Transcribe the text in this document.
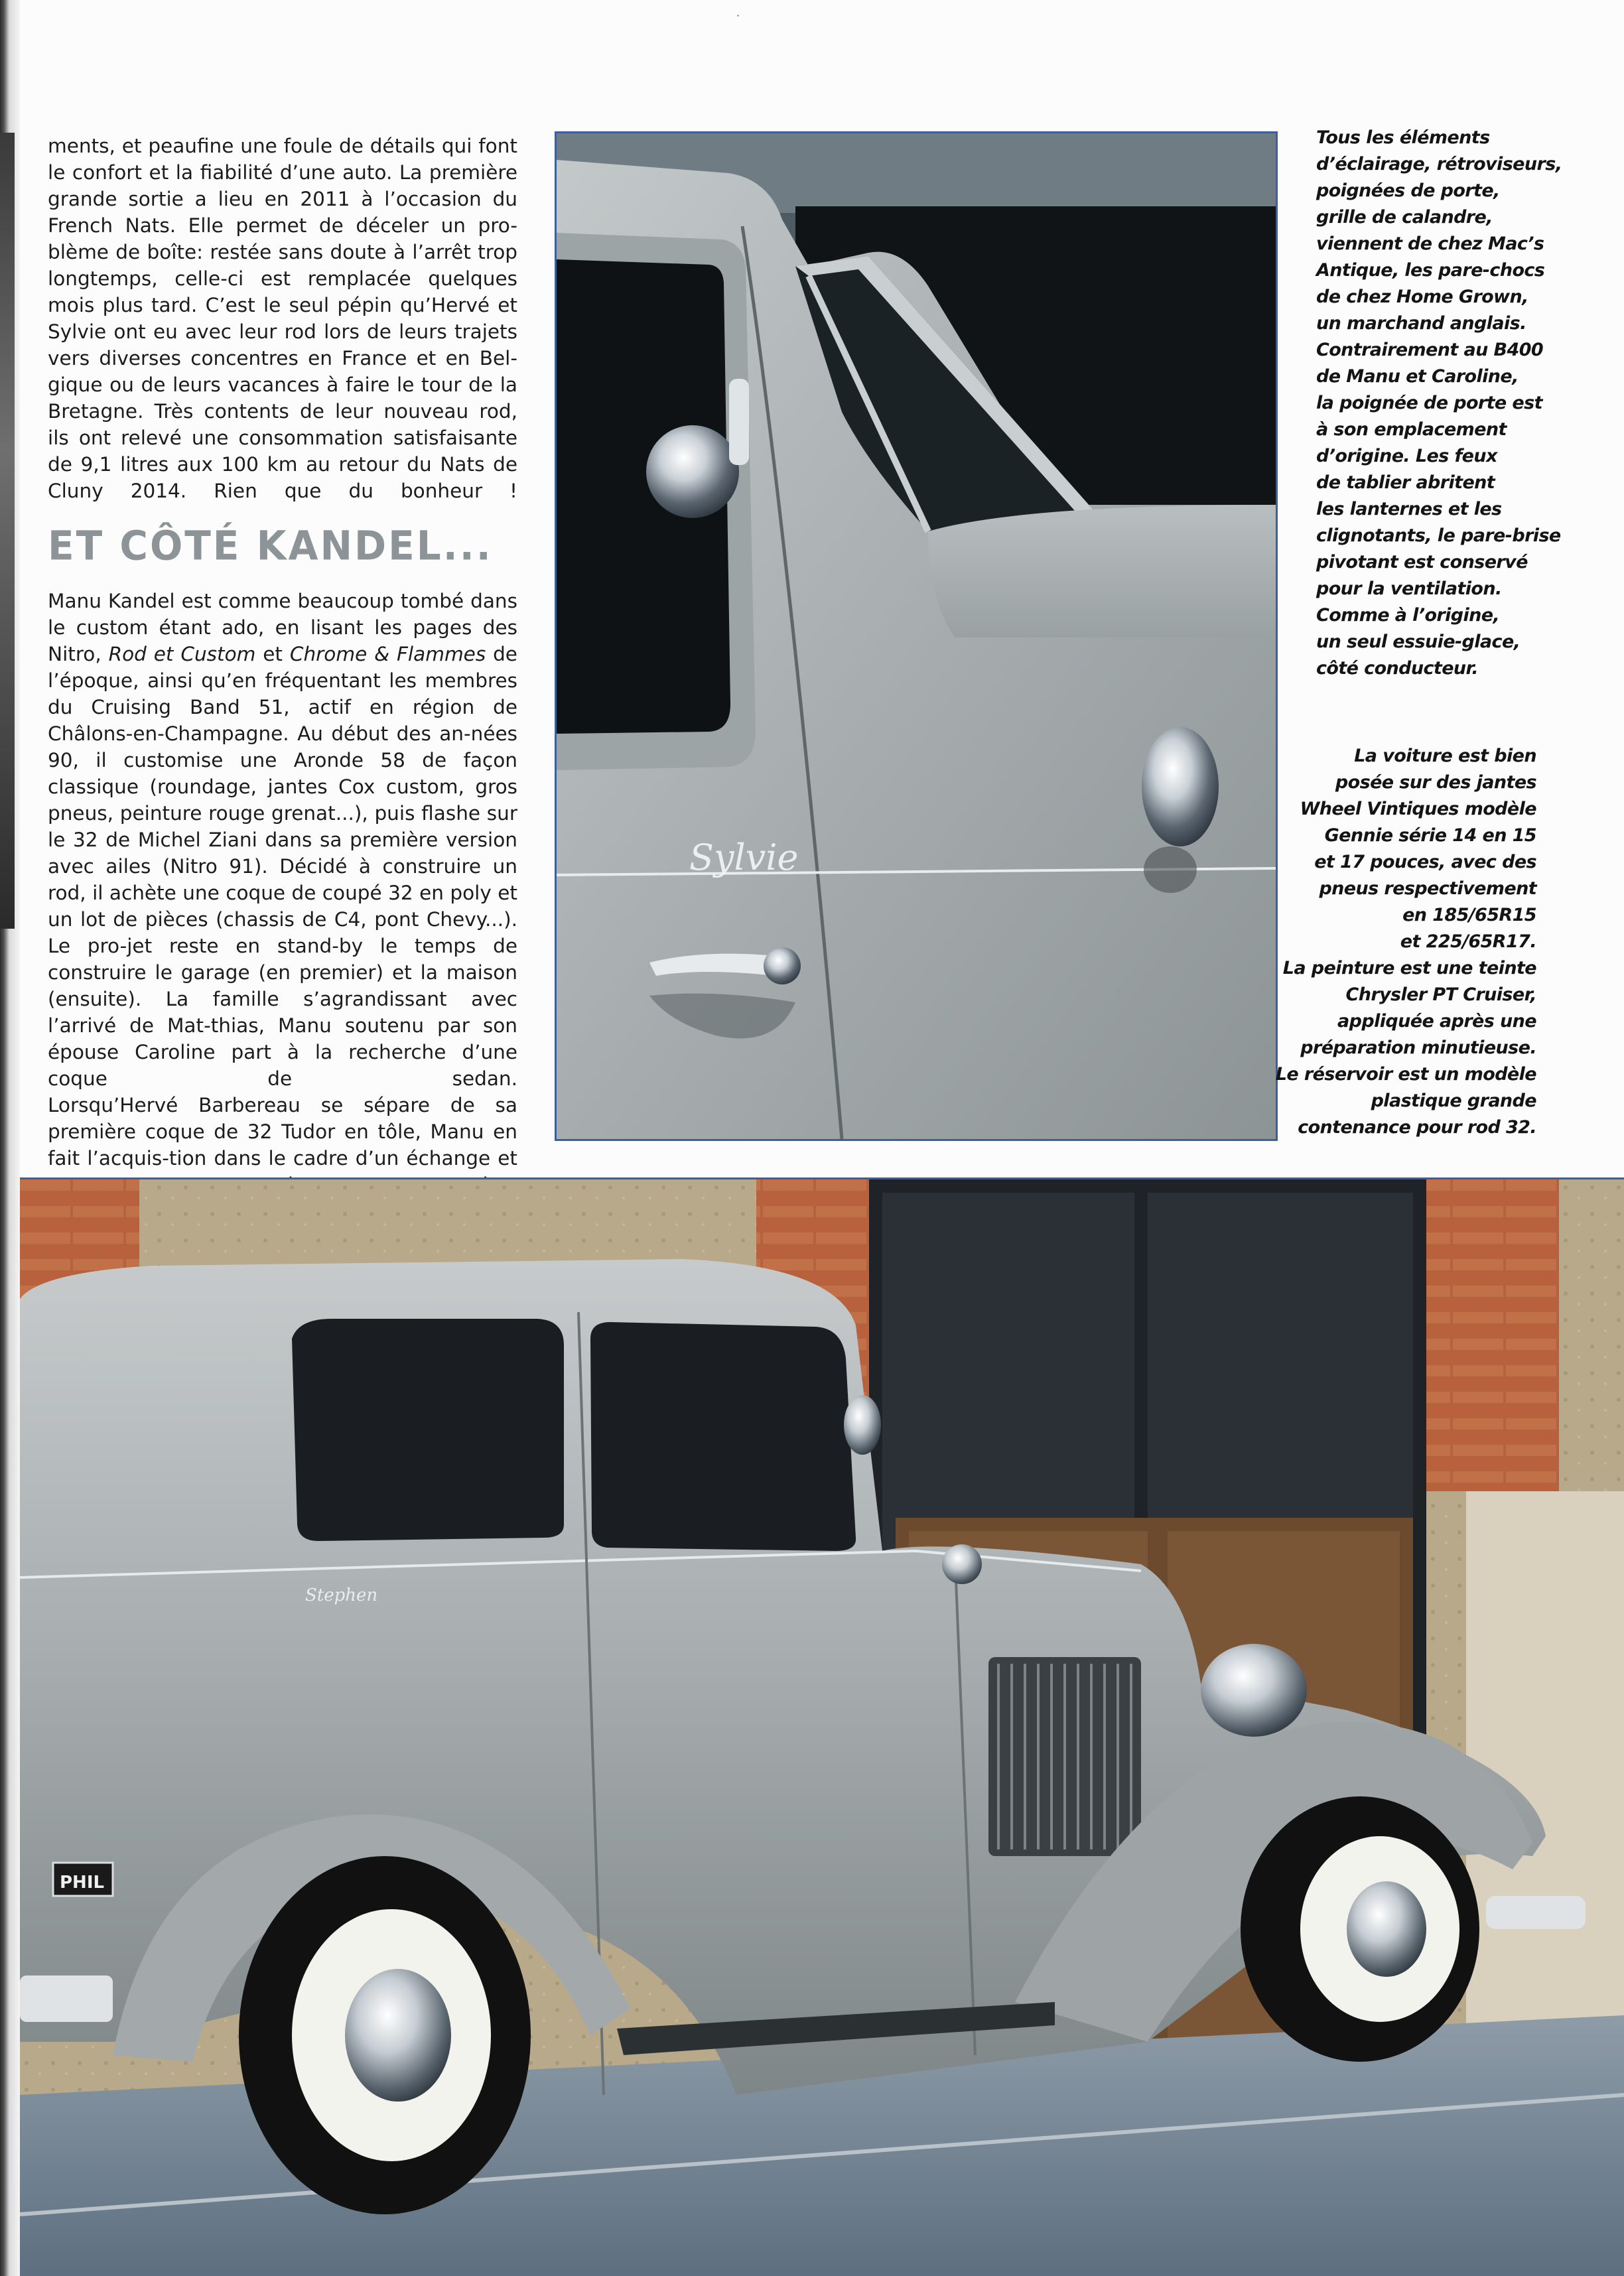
·

ments, et peaufine une foule de détails qui font le confort et la fiabilité d’une auto. La première grande sortie a lieu en 2011 à l’occasion du French Nats. Elle permet de déceler un pro-blème de boîte: restée sans doute à l’arrêt trop longtemps, celle-ci est remplacée quelques mois plus tard. C’est le seul pépin qu’Hervé et Sylvie ont eu avec leur rod lors de leurs trajets vers diverses concentres en France et en Bel-gique ou de leurs vacances à faire le tour de la Bretagne. Très contents de leur nouveau rod, ils ont relevé une consommation satisfaisante de 9,1 litres aux 100 km au retour du Nats de Cluny 2014. Rien que du bonheur !

ET CÔTÉ KANDEL...

Manu Kandel est comme beaucoup tombé dans le custom étant ado, en lisant les pages des Nitro, Rod et Custom et Chrome & Flammes de l’époque, ainsi qu’en fréquentant les membres du Cruising Band 51, actif en région de Châlons-en-Champagne. Au début des an-nées 90, il customise une Aronde 58 de façon classique (roundage, jantes Cox custom, gros pneus, peinture rouge grenat...), puis flashe sur le 32 de Michel Ziani dans sa première version avec ailes (Nitro 91). Décidé à construire un rod, il achète une coque de coupé 32 en poly et un lot de pièces (chassis de C4, pont Chevy...). Le pro-jet reste en stand-by le temps de construire le garage (en premier) et la maison (ensuite). La famille s’agrandissant avec l’arrivé de Mat-thias, Manu soutenu par son épouse Caroline part à la recherche d’une coque de sedan.

Lorsqu’Hervé Barbereau se sépare de sa première coque de 32 Tudor en tôle, Manu en fait l’acquis-tion dans le cadre d’un échange et

Sylvie
Tous les éléments
d’éclairage, rétroviseurs,
poignées de porte,
grille de calandre,
viennent de chez Mac’s
Antique, les pare-chocs
de chez Home Grown,
un marchand anglais.
Contrairement au B400
de Manu et Caroline,
la poignée de porte est
à son emplacement
d’origine. Les feux
de tablier abritent
les lanternes et les
clignotants, le pare-brise
pivotant est conservé
pour la ventilation.
Comme à l’origine,
un seul essuie-glace,
côté conducteur.
La voiture est bien
posée sur des jantes
Wheel Vintiques modèle
Gennie série 14 en 15
et 17 pouces, avec des
pneus respectivement
en 185/65R15
et 225/65R17.
La peinture est une teinte
Chrysler PT Cruiser,
appliquée après une
préparation minutieuse.
Le réservoir est un modèle
plastique grande
contenance pour rod 32.
PHIL
Stephen
